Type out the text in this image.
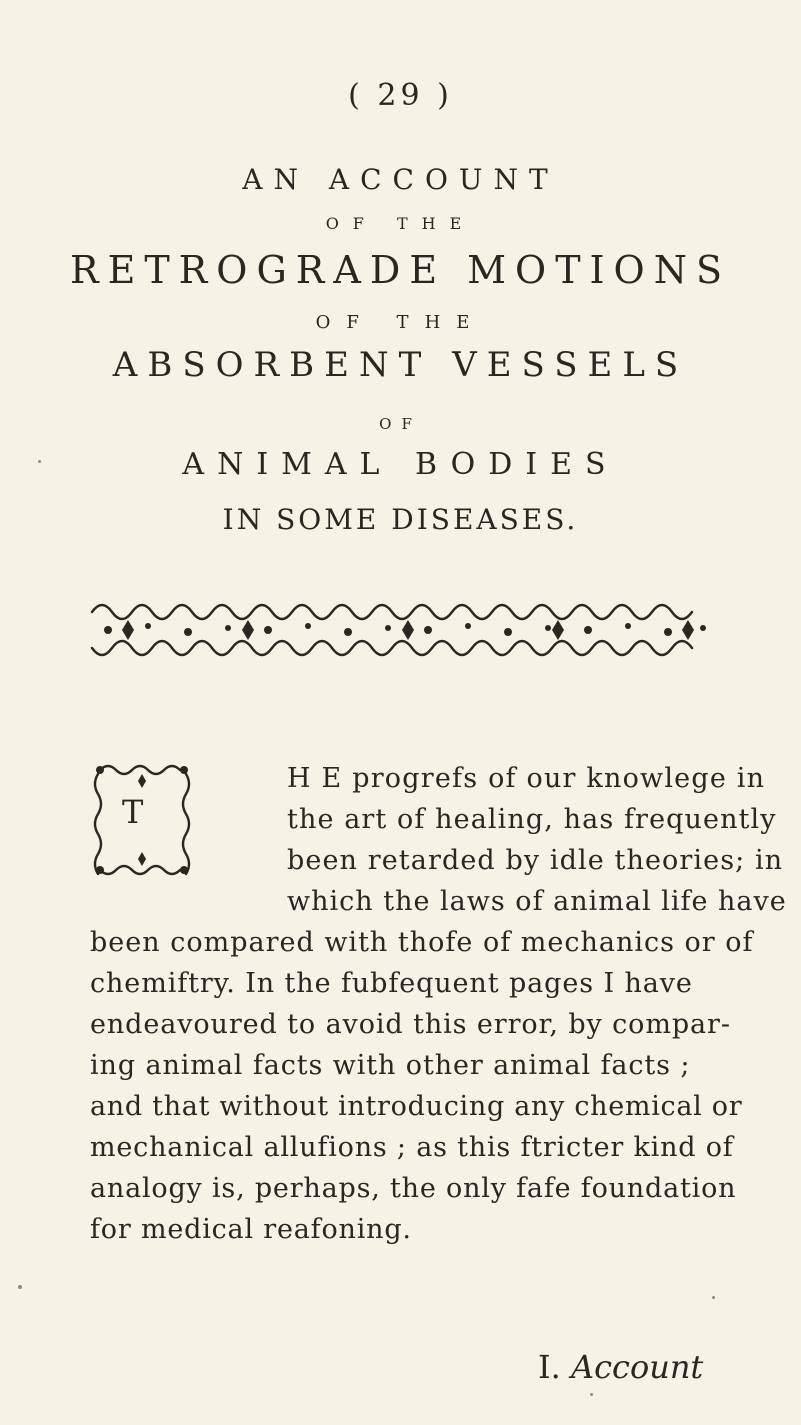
( 29 )
AN ACCOUNT
OF THE
RETROGRADE MOTIONS
OF THE
ABSORBENT VESSELS
OF
ANIMAL BODIES
IN SOME DISEASES.
T
H E progrefs of our knowlege in
the art of healing, has frequently
been retarded by idle theories; in
which the laws of animal life have
been compared with thofe of mechanics or of
chemiftry. In the fubfequent pages I have
endeavoured to avoid this error, by compar-
ing animal facts with other animal facts ;
and that without introducing any chemical or
mechanical allufions ; as this ftricter kind of
analogy is, perhaps, the only fafe foundation
for medical reafoning.
I. Account
